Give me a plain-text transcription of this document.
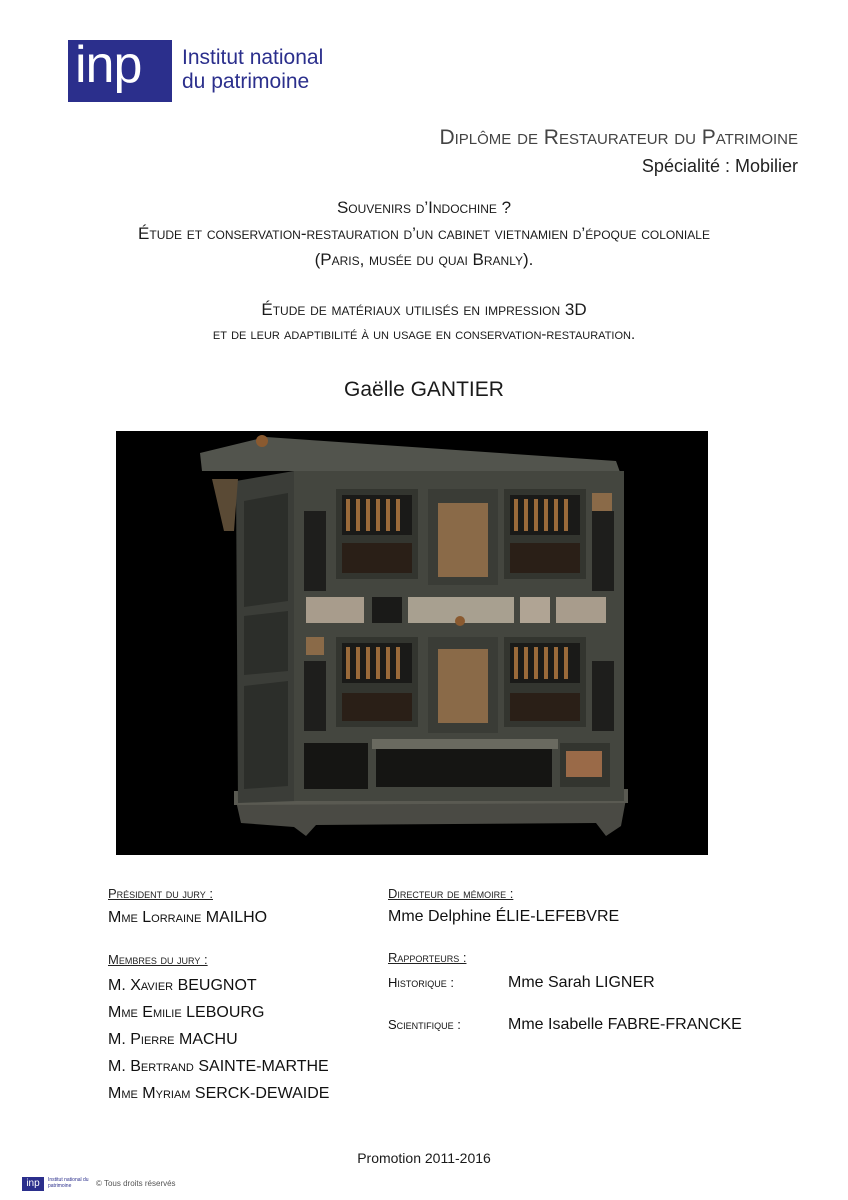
inp Institut national
du patrimoine
Diplôme de Restaurateur du Patrimoine
Spécialité : Mobilier
Souvenirs d’Indochine ?
Étude et conservation-restauration d’un cabinet vietnamien d’époque coloniale
(Paris, musée du quai Branly).
Étude de matériaux utilisés en impression 3D
et de leur adaptibilité à un usage en conservation-restauration.
Gaëlle GANTIER
Président du jury :
Mme Lorraine MAILHO
Membres du jury :
M. Xavier BEUGNOT
Mme Emilie LEBOURG
M. Pierre MACHU
M. Bertrand SAINTE-MARTHE
Mme Myriam SERCK-DEWAIDE
Directeur de mémoire :
Mme Delphine ÉLIE-LEFEBVRE
Rapporteurs :
Historique :	Mme Sarah LIGNER
Scientifique :	Mme Isabelle FABRE-FRANCKE
Promotion 2011-2016
inp	Institut national du patrimoine	© Tous droits réservés
